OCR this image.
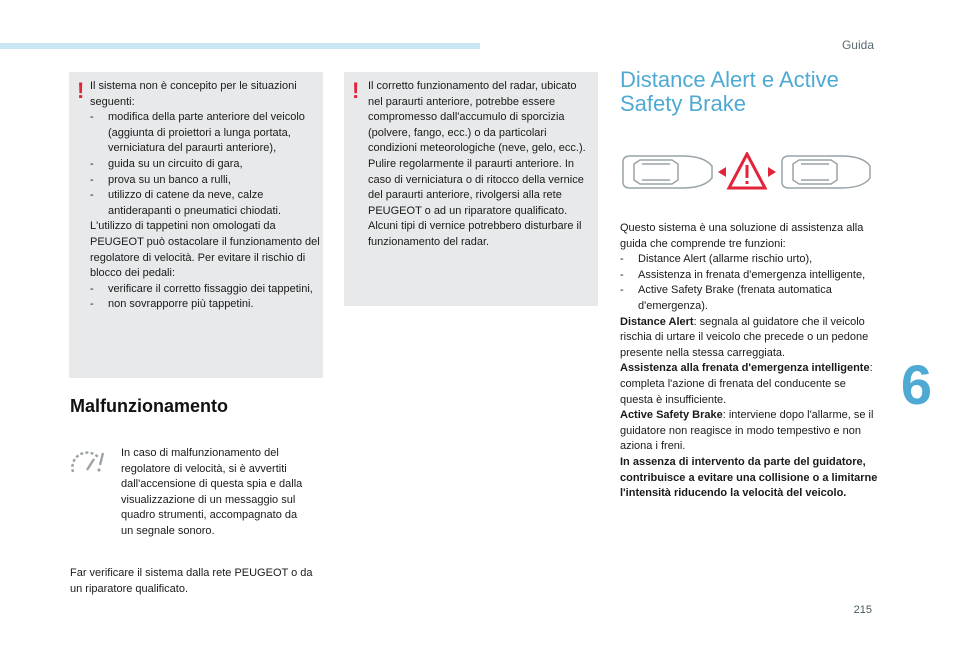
Guida
6
215
! Il sistema non è concepito per le situazioni seguenti:

- modifica della parte anteriore del veicolo (aggiunta di proiettori a lunga portata, verniciatura del paraurti anteriore),

- guida su un circuito di gara,

- prova su un banco a rulli,

- utilizzo di catene da neve, calze antiderapanti o pneumatici chiodati.

L'utilizzo di tappetini non omologati da PEUGEOT può ostacolare il funzionamento del regolatore di velocità. Per evitare il rischio di blocco dei pedali:

- verificare il corretto fissaggio dei tappetini,

- non sovrapporre più tappetini.

Malfunzionamento
In caso di malfunzionamento del regolatore di velocità, si è avvertiti dall'accensione di questa spia e dalla visualizzazione di un messaggio sul quadro strumenti, accompagnato da un segnale sonoro.
Far verificare il sistema dalla rete PEUGEOT o da un riparatore qualificato.
! Il corretto funzionamento del radar, ubicato nel paraurti anteriore, potrebbe essere compromesso dall'accumulo di sporcizia (polvere, fango, ecc.) o da particolari condizioni meteorologiche (neve, gelo, ecc.).

Pulire regolarmente il paraurti anteriore. In caso di verniciatura o di ritocco della vernice del paraurti anteriore, rivolgersi alla rete PEUGEOT o ad un riparatore qualificato. Alcuni tipi di vernice potrebbero disturbare il funzionamento del radar.

Distance Alert e Active Safety Brake

Questo sistema è una soluzione di assistenza alla guida che comprende tre funzioni:

- Distance Alert (allarme rischio urto),

- Assistenza in frenata d'emergenza intelligente,

- Active Safety Brake (frenata automatica d'emergenza).

Distance Alert: segnala al guidatore che il veicolo rischia di urtare il veicolo che precede o un pedone presente nella stessa carreggiata.

Assistenza alla frenata d'emergenza intelligente: completa l'azione di frenata del conducente se questa è insufficiente.

Active Safety Brake: interviene dopo l'allarme, se il guidatore non reagisce in modo tempestivo e non aziona i freni.

In assenza di intervento da parte del guidatore, contribuisce a evitare una collisione o a limitarne l'intensità riducendo la velocità del veicolo.
